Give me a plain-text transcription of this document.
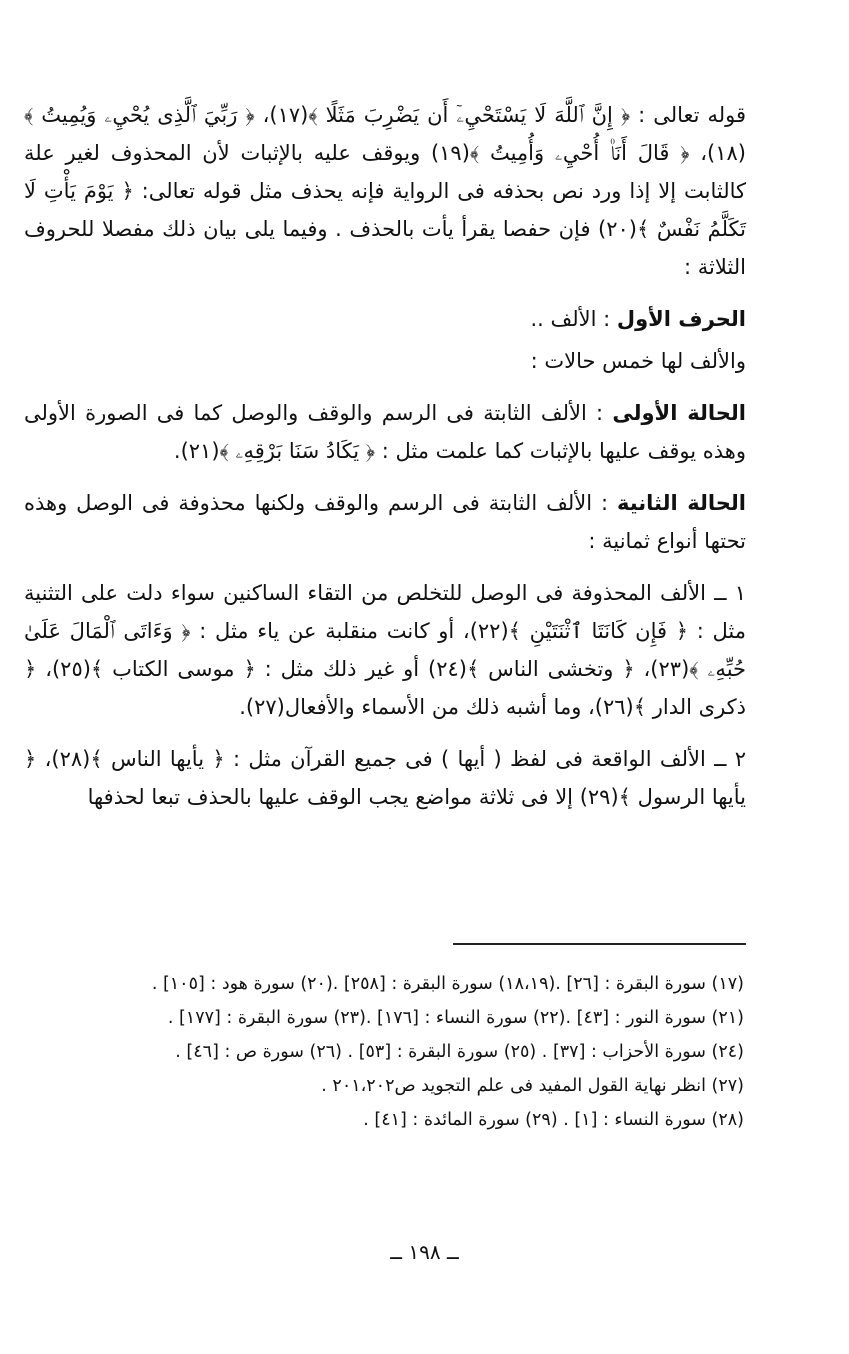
قوله تعالى : ﴿ إِنَّ ٱللَّهَ لَا يَسْتَحْيِۦٓ أَن يَضْرِبَ مَثَلًا ﴾(١٧)، ﴿ رَبِّيَ ٱلَّذِى يُحْيِۦ وَيُمِيتُ ﴾(١٨)، ﴿ قَالَ أَنَا۠ أُحْيِۦ وَأُمِيتُ ﴾(١٩) ويوقف عليه بالإثبات لأن المحذوف لغير علة كالثابت إلا إذا ورد نص بحذفه فى الرواية فإنه يحذف مثل قوله تعالى: ﴿ يَوْمَ يَأْتِ لَا تَكَلَّمُ نَفْسٌ ﴾(٢٠) فإن حفصا يقرأ يأت بالحذف . وفيما يلى بيان ذلك مفصلا للحروف الثلاثة :

الحرف الأول : الألف ..

والألف لها خمس حالات :

الحالة الأولى : الألف الثابتة فى الرسم والوقف والوصل كما فى الصورة الأولى وهذه يوقف عليها بالإثبات كما علمت مثل : ﴿ يَكَادُ سَنَا بَرْقِهِۦ ﴾(٢١).

الحالة الثانية : الألف الثابتة فى الرسم والوقف ولكنها محذوفة فى الوصل وهذه تحتها أنواع ثمانية :

١ ــ الألف المحذوفة فى الوصل للتخلص من التقاء الساكنين سواء دلت على التثنية مثل : ﴿ فَإِن كَانَتَا ٱثْنَتَيْنِ ﴾(٢٢)، أو كانت منقلبة عن ياء مثل : ﴿ وَءَاتَى ٱلْمَالَ عَلَىٰ حُبِّهِۦ ﴾(٢٣)، ﴿ وتخشى الناس ﴾(٢٤) أو غير ذلك مثل : ﴿ موسى الكتاب ﴾(٢٥)، ﴿ ذكرى الدار ﴾(٢٦)، وما أشبه ذلك من الأسماء والأفعال(٢٧).

٢ ــ الألف الواقعة فى لفظ ( أيها ) فى جميع القرآن مثل : ﴿ يأيها الناس ﴾(٢٨)، ﴿ يأيها الرسول ﴾(٢٩) إلا فى ثلاثة مواضع يجب الوقف عليها بالحذف تبعا لحذفها

(١٧) سورة البقرة : [٢٦] .(١٨،١٩) سورة البقرة : [٢٥٨] .(٢٠) سورة هود : [١٠٥] .

(٢١) سورة النور : [٤٣] .(٢٢) سورة النساء : [١٧٦] .(٢٣) سورة البقرة : [١٧٧] .

(٢٤) سورة الأحزاب : [٣٧] . (٢٥) سورة البقرة : [٥٣] . (٢٦) سورة ص : [٤٦] .

(٢٧) انظر نهاية القول المفيد فى علم التجويد ص٢٠١،٢٠٢ .

(٢٨) سورة النساء : [١] . (٢٩) سورة المائدة : [٤١] .

ــ ١٩٨ ــ
